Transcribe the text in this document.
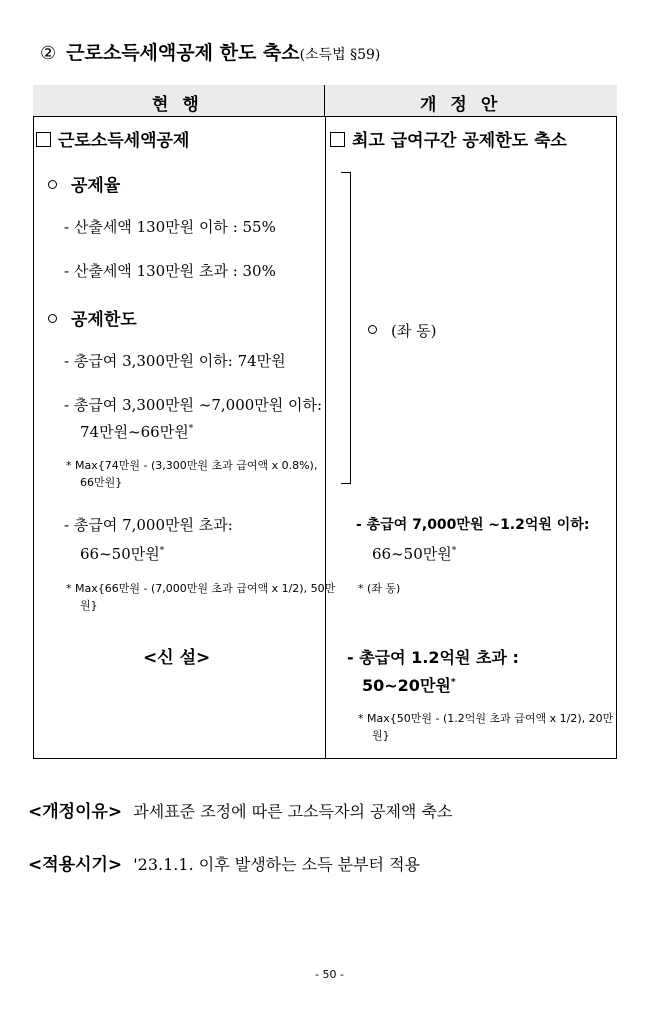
② 근로소득세액공제 한도 축소(소득법 §59)
현행	개정안
근로소득세액공제
공제율
- 산출세액 130만원 이하 : 55%
- 산출세액 130만원 초과 : 30%
공제한도
- 총급여 3,300만원 이하: 74만원
- 총급여 3,300만원 ~7,000만원 이하:
74만원~66만원*
* Max{74만원 - (3,300만원 초과 급여액 x 0.8%), 66만원}
- 총급여 7,000만원 초과:
66~50만원*
* Max{66만원 - (7,000만원 초과 급여액 x 1/2), 50만원}
<신 설>
최고 급여구간 공제한도 축소
(좌 동)
- 총급여 7,000만원 ~1.2억원 이하:
66~50만원*
* (좌 동)
- 총급여 1.2억원 초과 :
50~20만원*
* Max{50만원 - (1.2억원 초과 급여액 x 1/2), 20만원}
<개정이유> 과세표준 조정에 따른 고소득자의 공제액 축소
<적용시기> '23.1.1. 이후 발생하는 소득 분부터 적용
- 50 -
